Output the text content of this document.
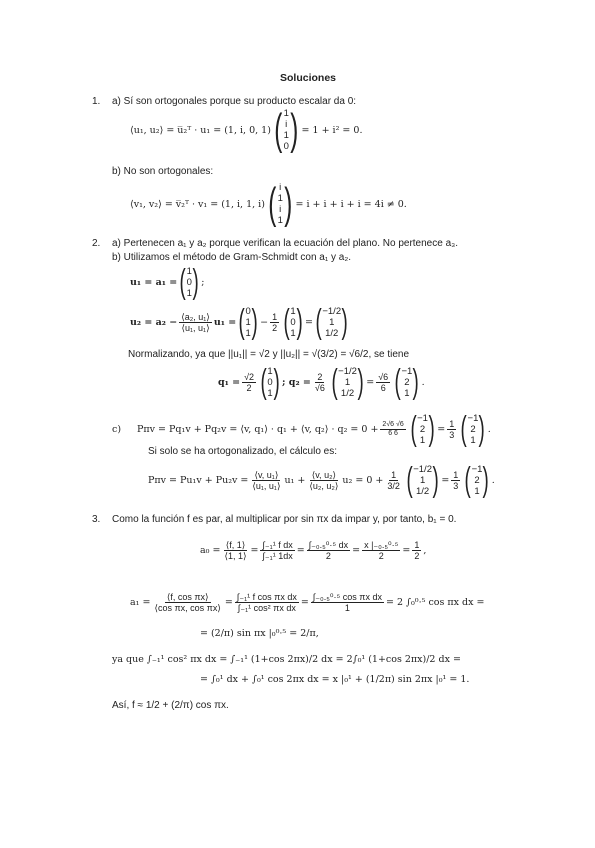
Soluciones
1. a) Sí son ortogonales porque su producto escalar da 0:
⟨u₁, u₂⟩ = u̅₂ᵀ · u₁ = (1, i, 0, 1) ( 1
i
1
0 ) = 1 + i² = 0.
b) No son ortogonales:
⟨v₁, v₂⟩ = v̅₂ᵀ · v₁ = (1, i, 1, i) ( i
1
i
1 ) = i + i + i + i = 4i ≠ 0.
2. a) Pertenecen a₁ y a₂ porque verifican la ecuación del plano. No pertenece a₃.
b) Utilizamos el método de Gram-Schmidt con a₁ y a₂.
u₁ = a₁ = ( 1
0
1 ) ;
$u_2 = a_2 - \frac{\text{⟨a₂, u₁⟩}}{\text{⟨u₁, u₁⟩}} u_1$ = ( 0
1
1 ) − $\frac{1}{2}$ ( 1
0
1 ) = ( −1/2
1
1/2 )
Normalizando, ya que ||u₁|| = √2 y ||u₂|| = √(3/2) = √6/2, se tiene
$q_1 = \frac{√2}{2}$ ( 1
0
1 ) ; $q_2 = \frac{2}{√6}$ ( −1/2
1
1/2 ) = $\frac{√6}{6}$ ( −1
2
1 ) .
c) Pπv = Pq₁v + Pq₂v = ⟨v, q₁⟩ · q₁ + ⟨v, q₂⟩ · $q_2 = 0 + \frac{2√6 √6}{6 6}$ ( −1
2
1 ) = $\frac{1}{3}$ ( −1
2
1 ) .
Si solo se ha ortogonalizado, el cálculo es:
$P\pi v = Pu_1v + Pu_2v = \frac{\text{⟨v, u₁⟩}}{\text{⟨u₁, u₁⟩}} u_1 + \frac{\text{⟨v, u₂⟩}}{\text{⟨u₂, u₂⟩}} u_2 = 0 + \frac{1}{3/2}$ ( −1/2
1
1/2 ) = $\frac{1}{3}$ ( −1
2
1 ) .
3. Como la función f es par, al multiplicar por sin πx da impar y, por tanto, b₁ = 0.
$a_0 = \frac{⟨f, 1⟩}{⟨1, 1⟩} = \frac{\text{∫₋₁¹ f dx}}{\text{∫₋₁¹ 1dx}} = \frac{\text{∫₋₀.₅⁰·⁵ dx}}{2} = \frac{\text{x |₋₀.₅⁰·⁵}}{2} = \frac{1}{2}$ ,
$a_1 = \frac{\text{⟨f, cos πx⟩}}{\text{⟨cos πx, cos πx⟩}} = \frac{\text{∫₋₁¹ f cos πx dx}}{\text{∫₋₁¹ cos² πx dx}} = \frac{\text{∫₋₀.₅⁰·⁵ cos πx dx}}{1} = 2$ ∫₀⁰·⁵ cos πx dx =
= (2/π) sin πx |₀⁰·⁵ = 2/π,
ya que ∫₋₁¹ cos² πx dx = ∫₋₁¹ (1+cos 2πx)/2 dx = 2∫₀¹ (1+cos 2πx)/2 dx =
= ∫₀¹ dx + ∫₀¹ cos 2πx dx = x |₀¹ + (1/2π) sin 2πx |₀¹ = 1.
Así, f ≈ 1/2 + (2/π) cos πx.
